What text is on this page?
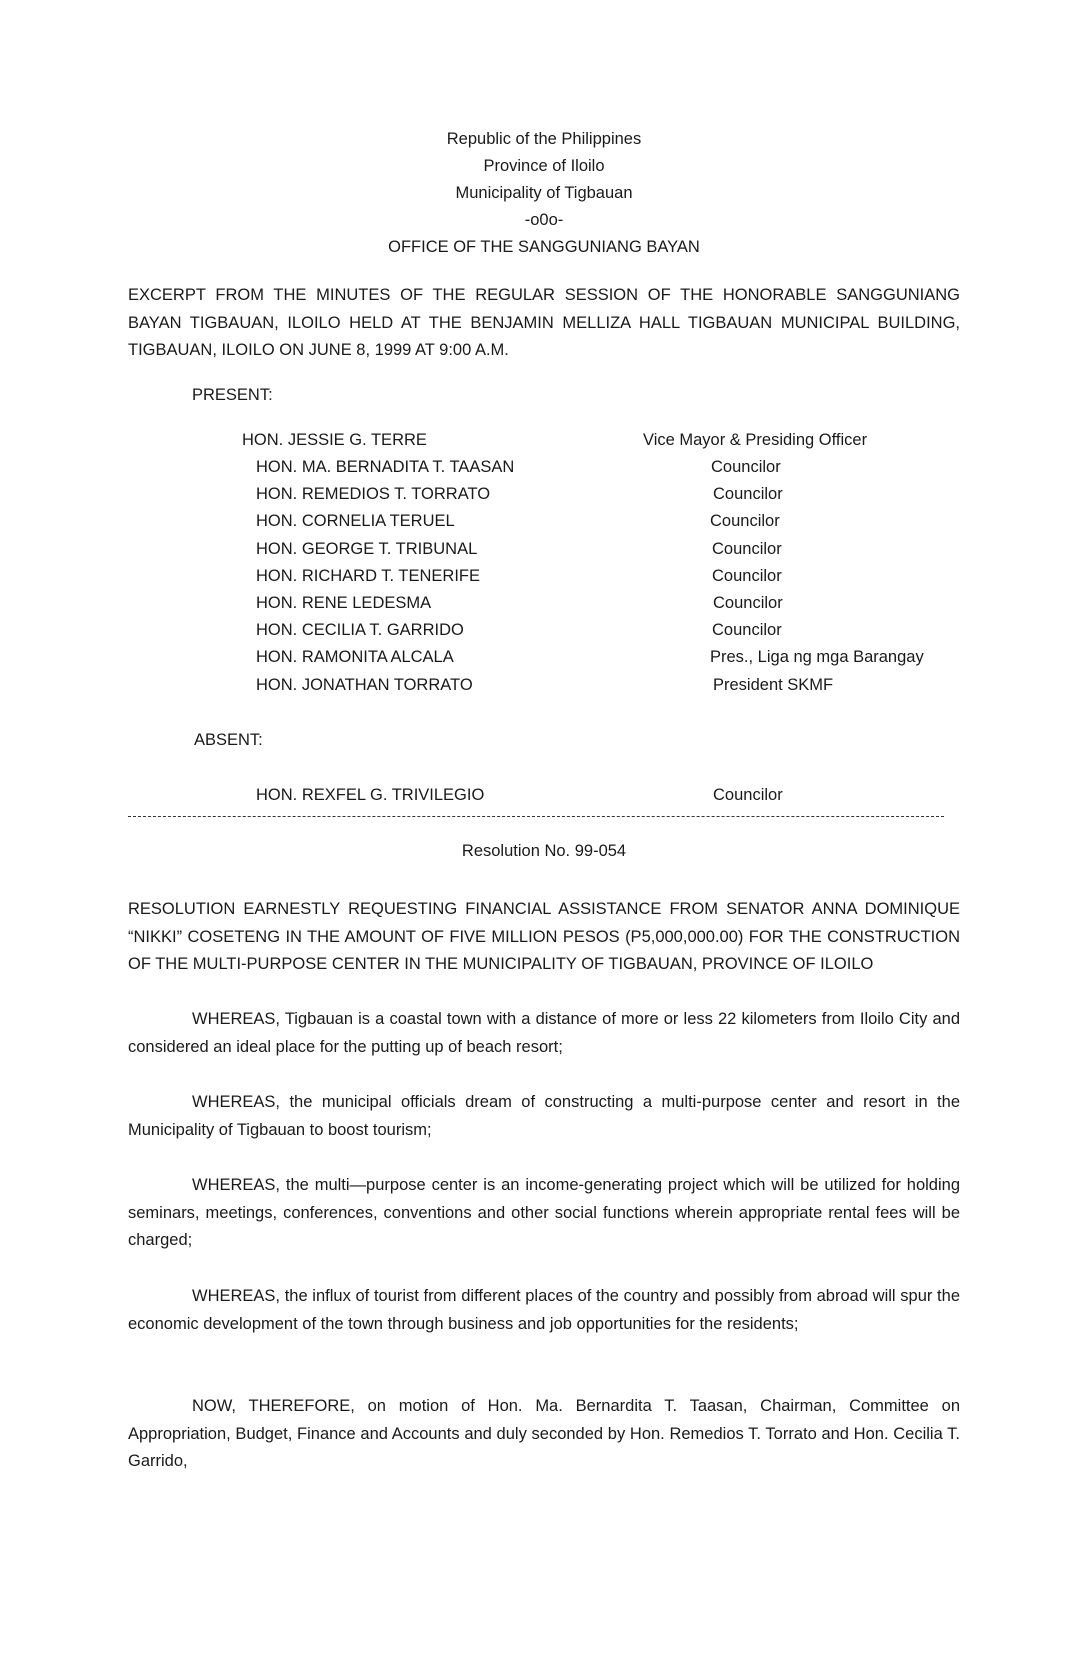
Republic of the Philippines
Province of Iloilo
Municipality of Tigbauan
-o0o-
OFFICE OF THE SANGGUNIANG BAYAN
EXCERPT FROM THE MINUTES OF THE REGULAR SESSION OF THE HONORABLE SANGGUNIANG BAYAN TIGBAUAN, ILOILO HELD AT THE BENJAMIN MELLIZA HALL TIGBAUAN MUNICIPAL BUILDING, TIGBAUAN, ILOILO ON JUNE 8, 1999 AT 9:00 A.M.
PRESENT:
HON. JESSIE G. TERRE	Vice Mayor & Presiding Officer
HON. MA. BERNADITA T. TAASAN	Councilor
HON. REMEDIOS T. TORRATO	Councilor
HON. CORNELIA TERUEL	Councilor
HON. GEORGE T. TRIBUNAL	Councilor
HON. RICHARD T. TENERIFE	Councilor
HON. RENE LEDESMA	Councilor
HON. CECILIA T. GARRIDO	Councilor
HON. RAMONITA ALCALA	Pres., Liga ng mga Barangay
HON. JONATHAN TORRATO	President SKMF
ABSENT:
HON. REXFEL G. TRIVILEGIO	Councilor
Resolution No. 99-054
RESOLUTION EARNESTLY REQUESTING FINANCIAL ASSISTANCE FROM SENATOR ANNA DOMINIQUE “NIKKI” COSETENG IN THE AMOUNT OF FIVE MILLION PESOS (P5,000,000.00) FOR THE CONSTRUCTION OF THE MULTI-PURPOSE CENTER IN THE MUNICIPALITY OF TIGBAUAN, PROVINCE OF ILOILO
WHEREAS, Tigbauan is a coastal town with a distance of more or less 22 kilometers from Iloilo City and considered an ideal place for the putting up of beach resort;
WHEREAS, the municipal officials dream of constructing a multi-purpose center and resort in the Municipality of Tigbauan to boost tourism;
WHEREAS, the multi—purpose center is an income-generating project which will be utilized for holding seminars, meetings, conferences, conventions and other social functions wherein appropriate rental fees will be charged;
WHEREAS, the influx of tourist from different places of the country and possibly from abroad will spur the economic development of the town through business and job opportunities for the residents;
NOW, THEREFORE, on motion of Hon. Ma. Bernardita T. Taasan, Chairman, Committee on Appropriation, Budget, Finance and Accounts and duly seconded by Hon. Remedios T. Torrato and Hon. Cecilia T. Garrido,
